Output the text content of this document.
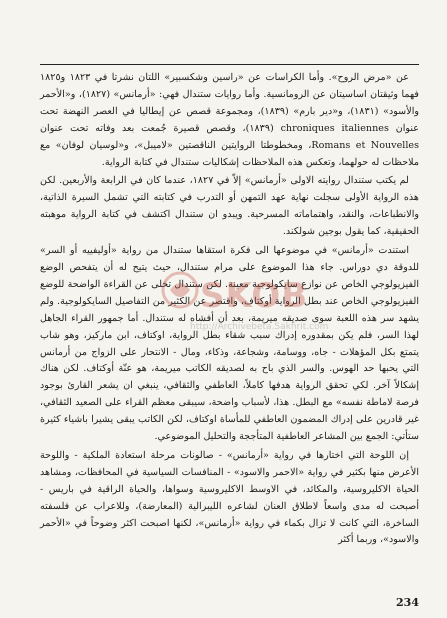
عن «مرض الروح». وأما الكراسات عن «راسين وشكسبير» اللتان نشرتا في ١٨٢٣ و١٨٢٥ فهما وثيقتان اساسيتان عن الرومانسية. وأما روايات ستندال فهي: «أرمانس» (١٨٢٧)، و«الأحمر والأسود» (١٨٣١)، و«دير بارم» (١٨٣٩)، ومجموعة قصص عن إيطاليا في العصر النهضة تحت عنوان chroniques italiennes (١٨٣٩)، وقصص قصيرة جُمعت بعد وفاته تحت عنوان Romans et Nouvelles، ومخطوطتا الروايتين الناقصتين «لاميبل»، و«لوسيان لوفان» مع ملاحظات له حولهما، وتعكس هذه الملاحظات إشكاليات ستندال في كتابة الرواية.

لم يكتب ستندال روايته الاولى «أرمانس» إلاّ في ١٨٢٧، عندما كان في الرابعة والأربعين. لكن هذه الرواية الأولى سجلت نهاية عهد التمهن أو التدرب في كتابته التي تشمل السيرة الذاتية، والانطباعات، والنقد، واهتماماته المسرحية. ويبدو ان ستندال اكتشف في كتابة الرواية موهبته الحقيقية، كما يقول بوجين شولكند.

استندت «أرمانس» في موضوعها الى فكرة استقاها ستندال من رواية «أوليفييه أو السر» للدوقة دي دوراس. جاء هذا الموضوع على مرام ستندال، حيث يتيح له أن يتفحص الوضع الفيزيولوجي الخاص عن نوازع سايكولوجية معينة. لكن ستندال تخلى عن القراءة الواضحة للوضع الفيزيولوجي الخاص عند بطل الرواية أوكتاف، واقتصر عن الكثير من التفاصيل السايكولوجية. ولم يشهد سر هذه اللعبة سوى صديقه ميريمة، بعد أن أفشاه له ستندال. أما جمهور القراء الجاهل لهذا السر، فلم يكن بمقدوره إدراك سبب شقاء بطل الرواية، اوكتاف، ابن ماركيز، وهو شاب يتمتع بكل المؤهلات - جاه، ووسامة، وشجاعة، وذكاء، ومال - الانتحار على الزواج من أرمانس التي يحبها حد الهوس. والسر الذي باح به لصديقه الكاتب ميريمة، هو عنّة أوكتاف. لكن هناك إشكالاً آخر. لكي تحقق الرواية هدفها كاملاً، العاطفي والثقافي، ينبغي ان يشعر القارئ بوجود فرصة لاماطة نفسه» مع البطل. هذا، لأسباب واضحة، سيبقى معظم القراء على الصعيد الثقافي، غير قادرين على إدراك المضمون العاطفي للمأساة اوكتاف، لكن الكاتب يبقى يشيرا باشياء كثيرة ستأتي: الجمع بين المشاعر العاطفية المتأججة والتحليل الموضوعي.

إن اللوحة التي اختارها في رواية «أرمانس» - صالونات مرحلة استعادة الملكية - واللوحة الأعرض منها بكثير في رواية «الاحمر والاسود» - المنافسات السياسية في المحافظات، ومشاهد الحياة الاكليروسية، والمكائد، في الاوسط الاكليروسية وسواها، والحياة الراقية في باريس - أصبحت له مدى واسعاً لاطلاق العنان لشاعره الليبرالية (المعارضة)، وللاعراب عن فلسفته الساخرة، التي كانت لا تزال بكماء في رواية «أرمانس»، لكنها اصبحت اكثر وضوحاً في «الأحمر والاسود»، وربما أكثر

SKOB
http://Archivebeta.Sakhrit.com
234
